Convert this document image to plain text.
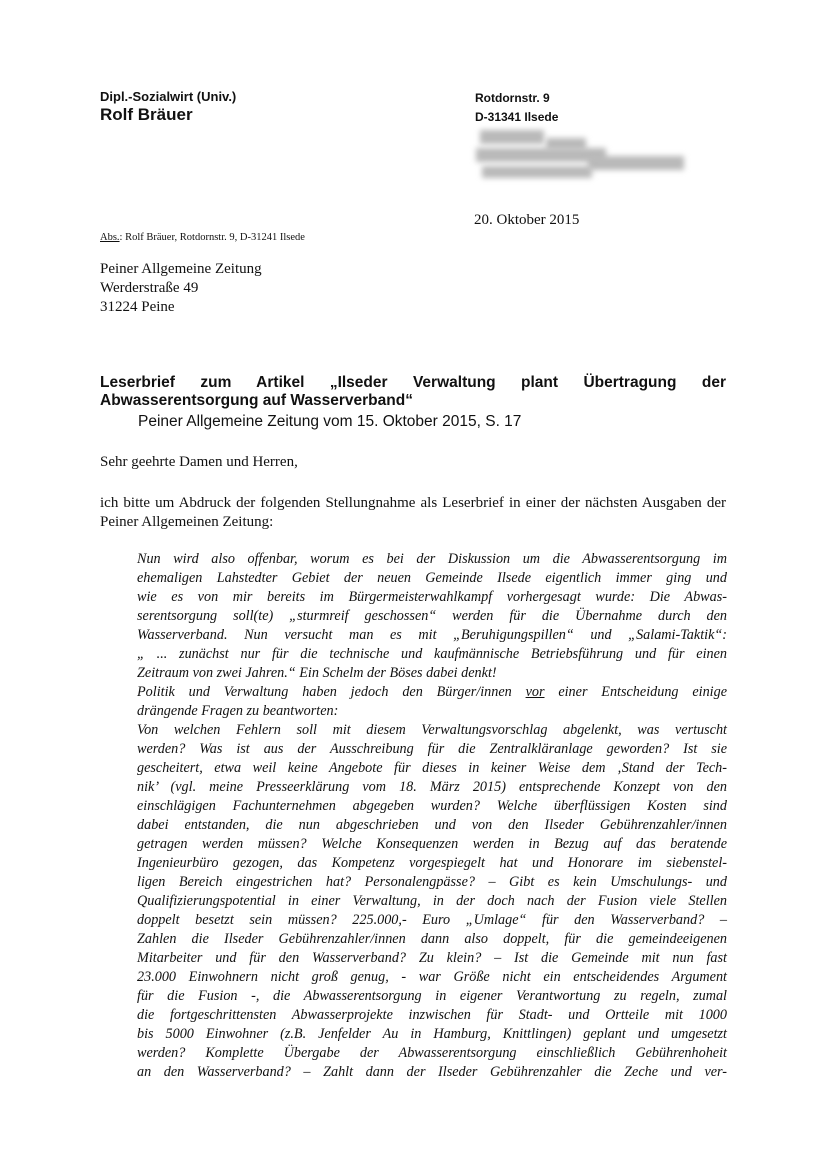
Dipl.-Sozialwirt (Univ.)
Rolf Bräuer
Rotdornstr. 9
D-31341 Ilsede
20. Oktober 2015
Abs.: Rolf Bräuer, Rotdornstr. 9, D-31241 Ilsede
Peiner Allgemeine Zeitung
Werderstraße 49
31224 Peine
Leserbrief zum Artikel „Ilseder Verwaltung plant Übertragung der Abwasserentsorgung auf Wasserverband“
Peiner Allgemeine Zeitung vom 15. Oktober 2015, S. 17
Sehr geehrte Damen und Herren,
ich bitte um Abdruck der folgenden Stellungnahme als Leserbrief in einer der nächsten Ausgaben der Peiner Allgemeinen Zeitung:
Nun wird also offenbar, worum es bei der Diskussion um die Abwasserentsorgung im
ehemaligen Lahstedter Gebiet der neuen Gemeinde Ilsede eigentlich immer ging und
wie es von mir bereits im Bürgermeisterwahlkampf vorhergesagt wurde: Die Abwas-
serentsorgung soll(te) „sturmreif geschossen“ werden für die Übernahme durch den
Wasserverband. Nun versucht man es mit „Beruhigungspillen“ und „Salami-Taktik“:
„ ... zunächst nur für die technische und kaufmännische Betriebsführung und für einen
Zeitraum von zwei Jahren.“ Ein Schelm der Böses dabei denkt!
Politik und Verwaltung haben jedoch den Bürger/innen vor einer Entscheidung einige
drängende Fragen zu beantworten:
Von welchen Fehlern soll mit diesem Verwaltungsvorschlag abgelenkt, was vertuscht
werden? Was ist aus der Ausschreibung für die Zentralkläranlage geworden? Ist sie
gescheitert, etwa weil keine Angebote für dieses in keiner Weise dem ‚Stand der Tech-
nik’ (vgl. meine Presseerklärung vom 18. März 2015) entsprechende Konzept von den
einschlägigen Fachunternehmen abgegeben wurden? Welche überflüssigen Kosten sind
dabei entstanden, die nun abgeschrieben und von den Ilseder Gebührenzahler/innen
getragen werden müssen? Welche Konsequenzen werden in Bezug auf das beratende
Ingenieurbüro gezogen, das Kompetenz vorgespiegelt hat und Honorare im siebenstel-
ligen Bereich eingestrichen hat? Personalengpässe? – Gibt es kein Umschulungs- und
Qualifizierungspotential in einer Verwaltung, in der doch nach der Fusion viele Stellen
doppelt besetzt sein müssen? 225.000,- Euro „Umlage“ für den Wasserverband? –
Zahlen die Ilseder Gebührenzahler/innen dann also doppelt, für die gemeindeeigenen
Mitarbeiter und für den Wasserverband? Zu klein? – Ist die Gemeinde mit nun fast
23.000 Einwohnern nicht groß genug, - war Größe nicht ein entscheidendes Argument
für die Fusion -, die Abwasserentsorgung in eigener Verantwortung zu regeln, zumal
die fortgeschrittensten Abwasserprojekte inzwischen für Stadt- und Ortteile mit 1000
bis 5000 Einwohner (z.B. Jenfelder Au in Hamburg, Knittlingen) geplant und umgesetzt
werden? Komplette Übergabe der Abwasserentsorgung einschließlich Gebührenhoheit
an den Wasserverband? – Zahlt dann der Ilseder Gebührenzahler die Zeche und ver-
